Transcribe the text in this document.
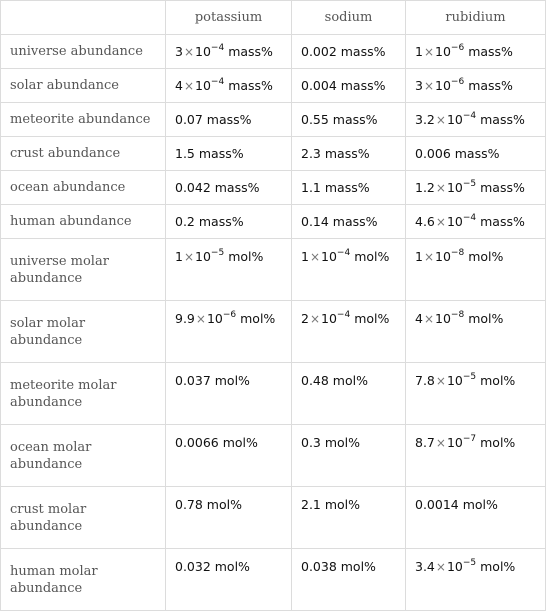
	potassium	sodium	rubidium
universe abundance	$3\times 10^{-4}$ mass%	0.002 mass%	$1\times 10^{-6}$ mass%
solar abundance	$4\times 10^{-4}$ mass%	0.004 mass%	$3\times 10^{-6}$ mass%
meteorite abundance	0.07 mass%	0.55 mass%	$3.2\times 10^{-4}$ mass%
crust abundance	1.5 mass%	2.3 mass%	0.006 mass%
ocean abundance	0.042 mass%	1.1 mass%	$1.2\times 10^{-5}$ mass%
human abundance	0.2 mass%	0.14 mass%	$4.6\times 10^{-4}$ mass%
universe molar abundance	$1\times 10^{-5}$ mol%	$1\times 10^{-4}$ mol%	$1\times 10^{-8}$ mol%
solar molar abundance	$9.9\times 10^{-6}$ mol%	$2\times 10^{-4}$ mol%	$4\times 10^{-8}$ mol%
meteorite molar abundance	0.037 mol%	0.48 mol%	$7.8\times 10^{-5}$ mol%
ocean molar abundance	0.0066 mol%	0.3 mol%	$8.7\times 10^{-7}$ mol%
crust molar abundance	0.78 mol%	2.1 mol%	0.0014 mol%
human molar abundance	0.032 mol%	0.038 mol%	$3.4\times 10^{-5}$ mol%
